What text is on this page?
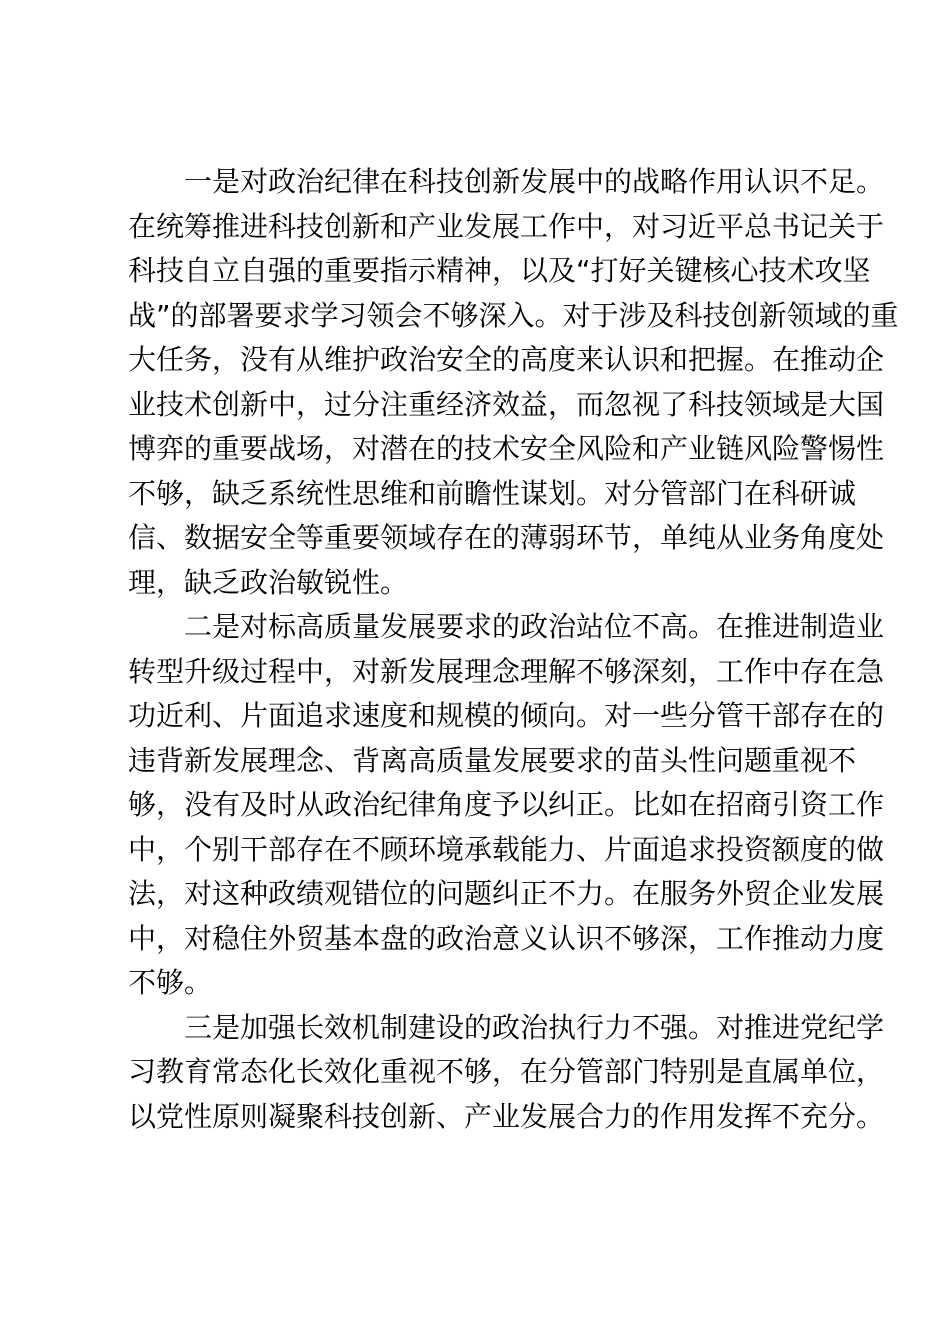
一是对政治纪律在科技创新发展中的战略作用认识不足。
在统筹推进科技创新和产业发展工作中，对习近平总书记关于
科技自立自强的重要指示精神，以及“打好关键核心技术攻坚
战”的部署要求学习领会不够深入。对于涉及科技创新领域的重
大任务，没有从维护政治安全的高度来认识和把握。在推动企
业技术创新中，过分注重经济效益，而忽视了科技领域是大国
博弈的重要战场，对潜在的技术安全风险和产业链风险警惕性
不够，缺乏系统性思维和前瞻性谋划。对分管部门在科研诚
信、数据安全等重要领域存在的薄弱环节，单纯从业务角度处
理，缺乏政治敏锐性。

二是对标高质量发展要求的政治站位不高。在推进制造业
转型升级过程中，对新发展理念理解不够深刻，工作中存在急
功近利、片面追求速度和规模的倾向。对一些分管干部存在的
违背新发展理念、背离高质量发展要求的苗头性问题重视不
够，没有及时从政治纪律角度予以纠正。比如在招商引资工作
中，个别干部存在不顾环境承载能力、片面追求投资额度的做
法，对这种政绩观错位的问题纠正不力。在服务外贸企业发展
中，对稳住外贸基本盘的政治意义认识不够深，工作推动力度
不够。

三是加强长效机制建设的政治执行力不强。对推进党纪学
习教育常态化长效化重视不够，在分管部门特别是直属单位，
以党性原则凝聚科技创新、产业发展合力的作用发挥不充分。
